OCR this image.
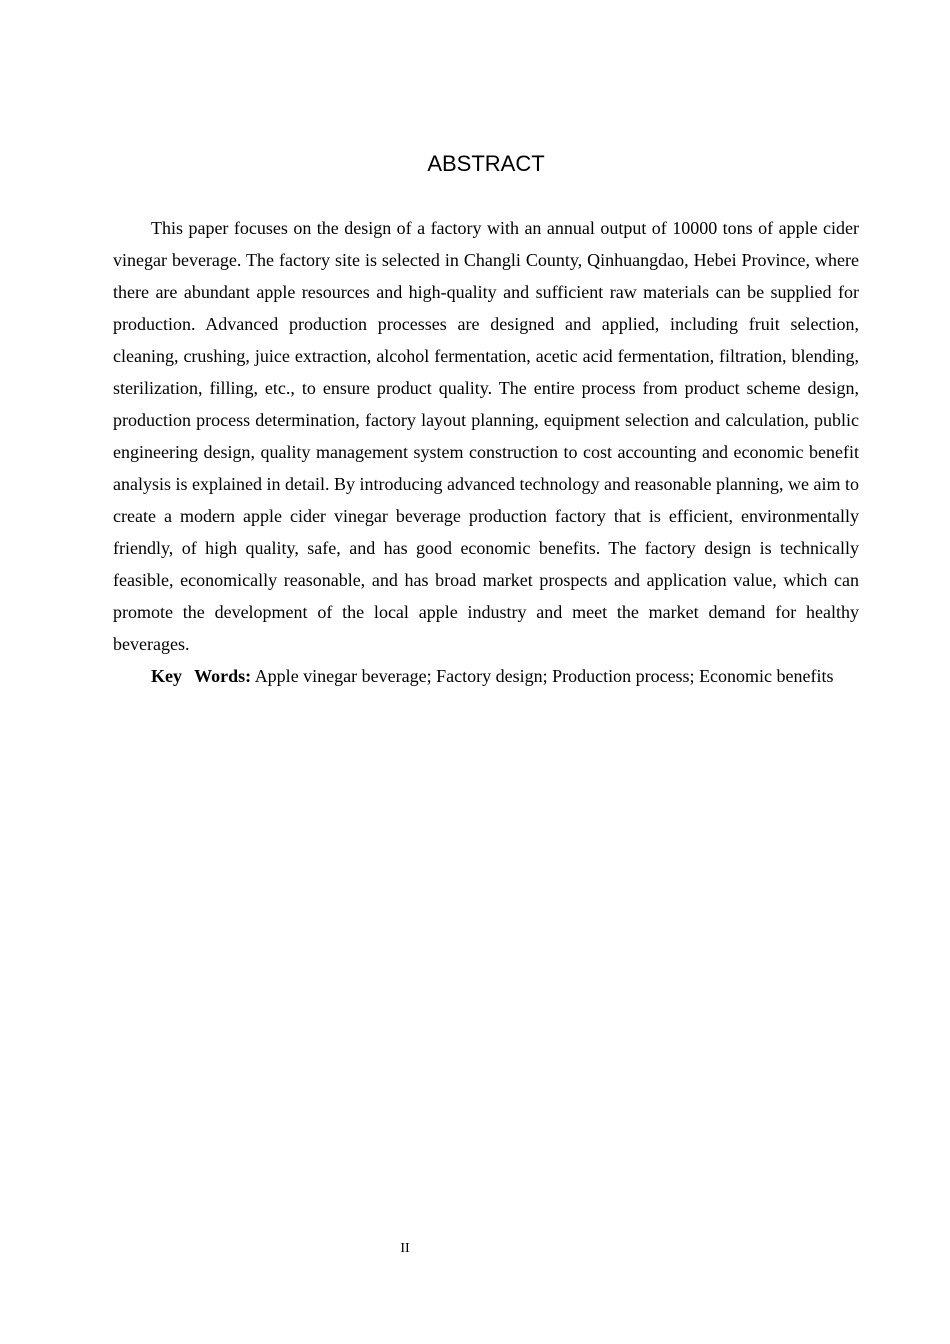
ABSTRACT

This paper focuses on the design of a factory with an annual output of 10000 tons of apple cider vinegar beverage. The factory site is selected in Changli County, Qinhuangdao, Hebei Province, where there are abundant apple resources and high-quality and sufficient raw materials can be supplied for production. Advanced production processes are designed and applied, including fruit selection, cleaning, crushing, juice extraction, alcohol fermentation, acetic acid fermentation, filtration, blending, sterilization, filling, etc., to ensure product quality. The entire process from product scheme design, production process determination, factory layout planning, equipment selection and calculation, public engineering design, quality management system construction to cost accounting and economic benefit analysis is explained in detail. By introducing advanced technology and reasonable planning, we aim to create a modern apple cider vinegar beverage production factory that is efficient, environmentally friendly, of high quality, safe, and has good economic benefits. The factory design is technically feasible, economically reasonable, and has broad market prospects and application value, which can promote the development of the local apple industry and meet the market demand for healthy beverages.

Key Words: Apple vinegar beverage; Factory design; Production process; Economic benefits

II
